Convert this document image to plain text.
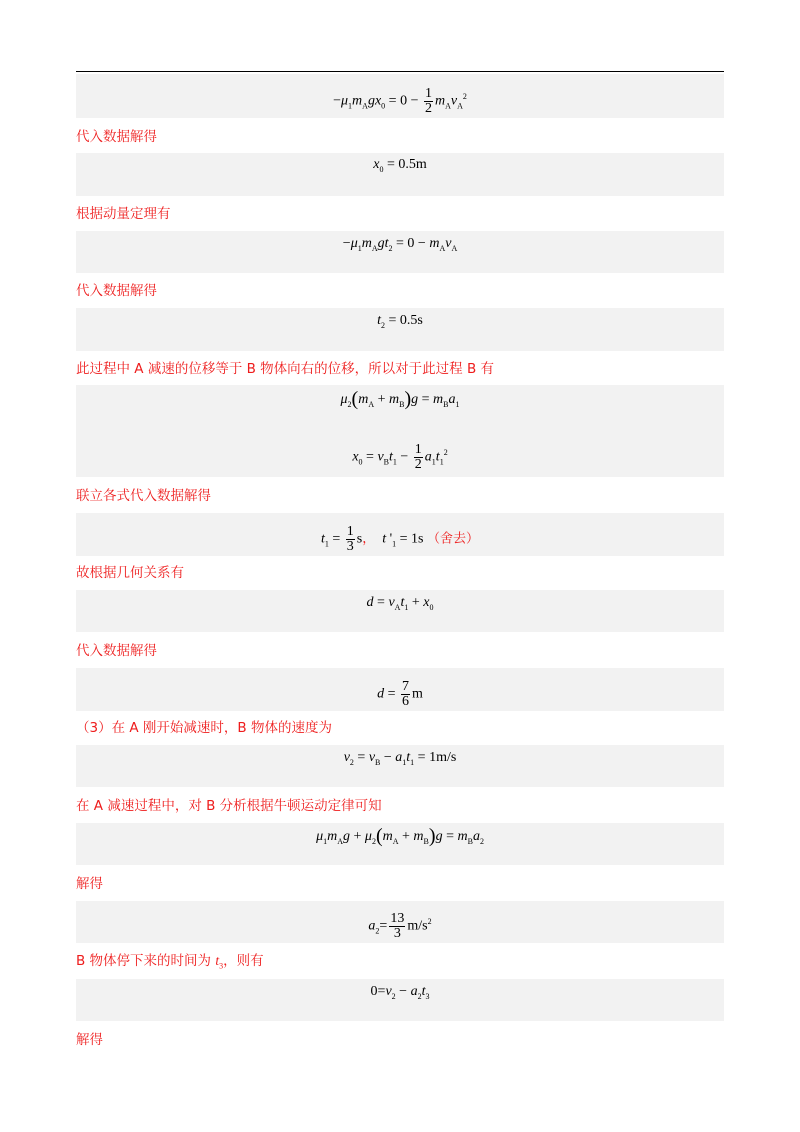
$-\mu_1m_Agx_0 = 0 - \frac{1}{2} m_Av_A^2$
代入数据解得
$x_0 = 0.5m$
根据动量定理有
$-\mu_1m_Agt_2 = 0 - m_Av_A$
代入数据解得
$t_2 = 0.5s$
此过程中 A 减速的位移等于 B 物体向右的位移，所以对于此过程 B 有
$\mu_2(m_A + m_B)g = m_Ba_1$
$x_0 = v_Bt_1 - \frac{1}{2} a_1t_1^2$
联立各式代入数据解得
$t_1 = \frac{1}{3}$ s， t '$_1 = 1s$ （舍去）
故根据几何关系有
$d = v_At_1 + x_0$
代入数据解得
$d = \frac{7}{6}$ m
（3）在 A 刚开始减速时，B 物体的速度为
$v_2 = v_B - a_1t_1 = 1m/s$
在 A 减速过程中，对 B 分析根据牛顿运动定律可知
$\mu_1m_Ag + \mu_2(m_A + m_B)g = m_Ba_2$
解得
$a_2= \frac{13}{3} m/s^2$
B 物体停下来的时间为 $t_3$，则有
$0=v_2 - a_2t_3$
解得
